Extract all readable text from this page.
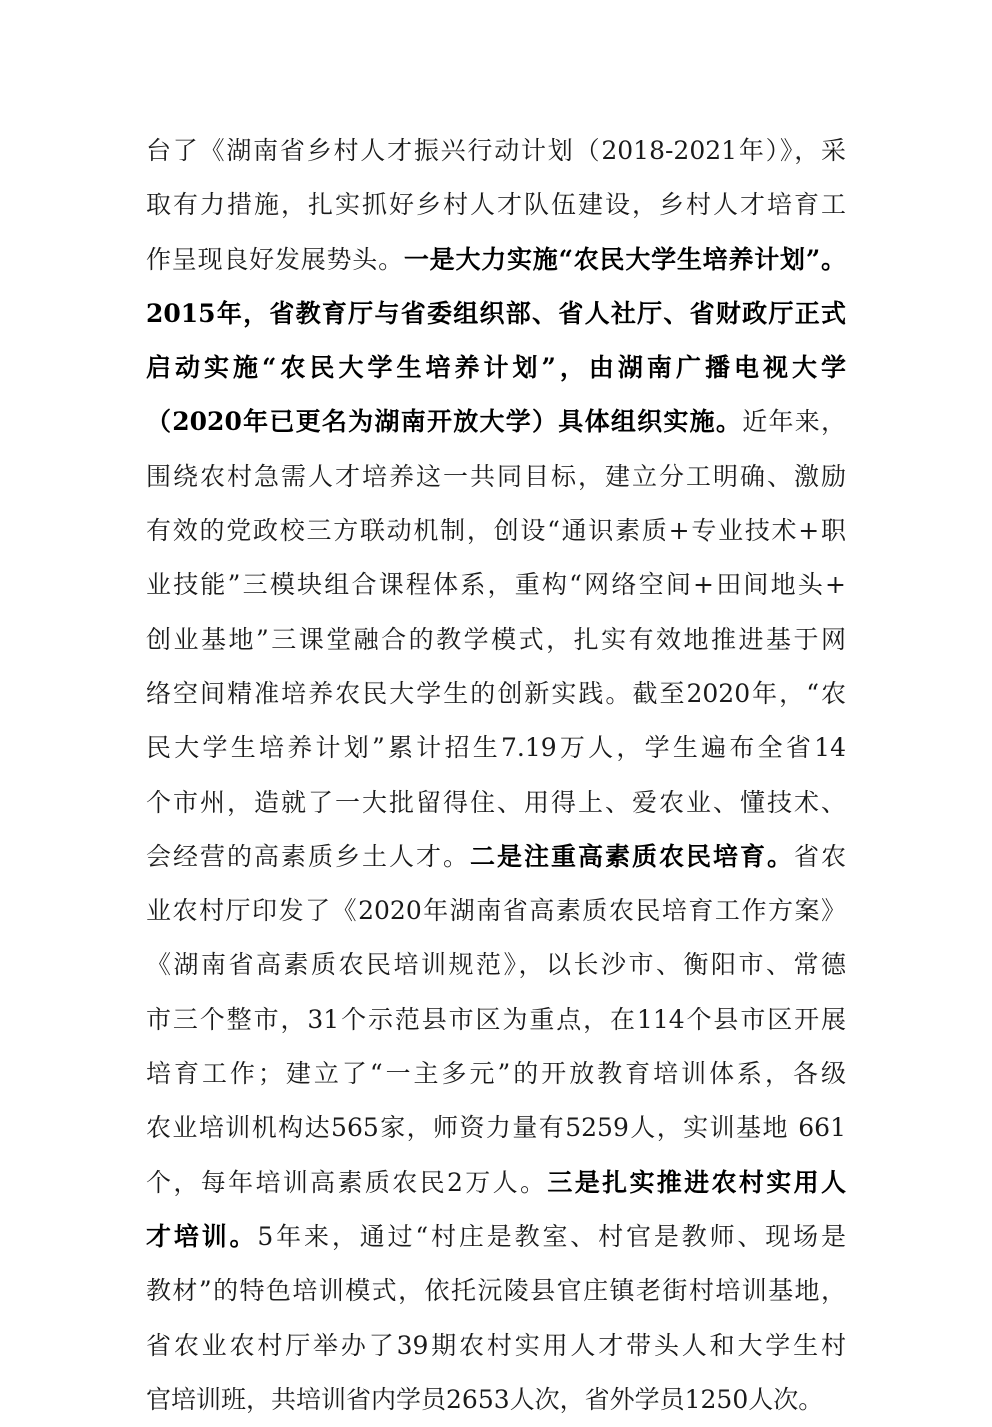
台了《湖南省乡村人才振兴行动计划（2018-2021年）》，采
取有力措施，扎实抓好乡村人才队伍建设，乡村人才培育工
作呈现良好发展势头。一是大力实施“农民大学生培养计划”。
2015年，省教育厅与省委组织部、省人社厅、省财政厅正式
启动实施“农民大学生培养计划”，由湖南广播电视大学
（2020年已更名为湖南开放大学）具体组织实施。近年来，
围绕农村急需人才培养这一共同目标，建立分工明确、激励
有效的党政校三方联动机制，创设“通识素质+专业技术+职
业技能”三模块组合课程体系，重构“网络空间+田间地头+
创业基地”三课堂融合的教学模式，扎实有效地推进基于网
络空间精准培养农民大学生的创新实践。截至2020年，“农
民大学生培养计划”累计招生7.19万人，学生遍布全省14
个市州，造就了一大批留得住、用得上、爱农业、懂技术、
会经营的高素质乡土人才。二是注重高素质农民培育。省农
业农村厅印发了《2020年湖南省高素质农民培育工作方案》
《湖南省高素质农民培训规范》，以长沙市、衡阳市、常德
市三个整市，31个示范县市区为重点，在114个县市区开展
培育工作；建立了“一主多元”的开放教育培训体系，各级
农业培训机构达565家，师资力量有5259人，实训基地 661
个，每年培训高素质农民2万人。三是扎实推进农村实用人
才培训。5年来，通过“村庄是教室、村官是教师、现场是
教材”的特色培训模式，依托沅陵县官庄镇老街村培训基地，
省农业农村厅举办了39期农村实用人才带头人和大学生村
官培训班，共培训省内学员2653人次，省外学员1250人次。
